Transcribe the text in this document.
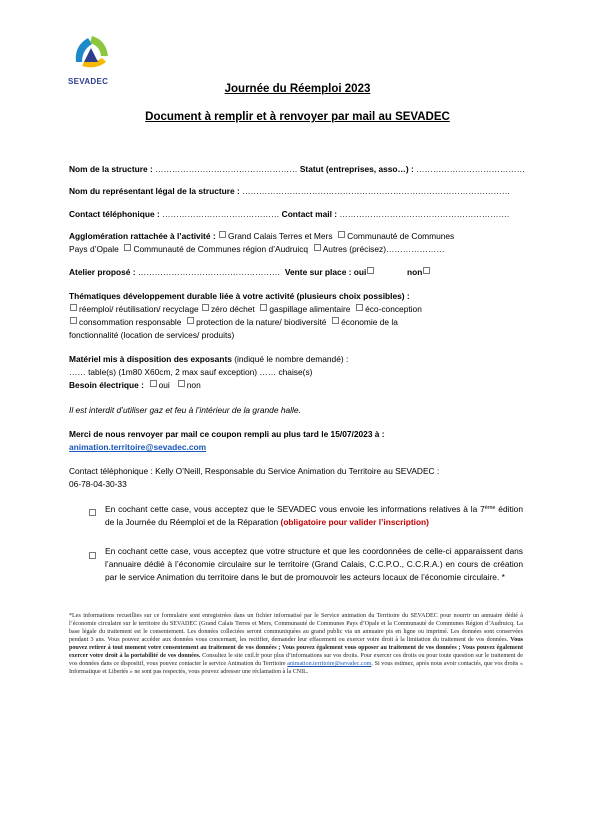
SEVADEC
Journée du Réemploi 2023
Document à remplir et à renvoyer par mail au SEVADEC
Nom de la structure : …………………………………………… Statut (entreprises, asso…) : …………………………………
Nom du représentant légal de la structure : ……………………………………………………………………………………
Contact téléphonique : …………………………………… Contact mail : …………………………………………………….
Agglomération rattachée à l’activité : Grand Calais Terres et Mers Communauté de Communes
Pays d’Opale Communauté de Communes région d’Audruicq Autres (précisez)…………………
Atelier proposé : …………………………………………… Vente sur place : oui	non
Thématiques développement durable liée à votre activité (plusieurs choix possibles) :
réemploi/ réutilisation/ recyclage zéro déchet gaspillage alimentaire éco-conception
consommation responsable protection de la nature/ biodiversité économie de la
fonctionnalité (location de services/ produits)
Matériel mis à disposition des exposants (indiqué le nombre demandé) :
…… table(s) (1m80 X60cm, 2 max sauf exception) …… chaise(s)
Besoin électrique : oui non
Il est interdit d’utiliser gaz et feu à l’intérieur de la grande halle.
Merci de nous renvoyer par mail ce coupon rempli au plus tard le 15/07/2023 à :
animation.territoire@sevadec.com
Contact téléphonique : Kelly O’Neill, Responsable du Service Animation du Territoire au SEVADEC :
06-78-04-30-33
En cochant cette case, vous acceptez que le SEVADEC vous envoie les informations relatives à la 7ème édition de la Journée du Réemploi et de la Réparation (obligatoire pour valider l’inscription)
En cochant cette case, vous acceptez que votre structure et que les coordonnées de celle-ci apparaissent dans l’annuaire dédié à l’économie circulaire sur le territoire (Grand Calais, C.C.P.O., C.C.R.A.) en cours de création par le service Animation du territoire dans le but de promouvoir les acteurs locaux de l’économie circulaire. *
*Les informations recueillies sur ce formulaire sont enregistrées dans un fichier informatisé par le Service animation du Territoire du SEVADEC pour nourrir un annuaire dédié à l’économie circulaire sur le territoire du SEVADEC (Grand Calais Terres et Mers, Communauté de Communes Pays d’Opale et la Communauté de Communes Région d’Audruicq. La base légale du traitement est le consentement. Les données collectées seront communiquées au grand public via un annuaire pis en ligne ou imprimé. Les données sont conservées pendant 3 ans. Vous pouvez accéder aux données vous concernant, les rectifier, demander leur effacement ou exercer votre droit à la limitation du traitement de vos données. Vous pouvez retirer à tout moment votre consentement au traitement de vos données ; Vous pouvez également vous opposer au traitement de vos données ; Vous pouvez également exercer votre droit à la portabilité de vos données. Consultez le site cnil.fr pour plus d’informations sur vos droits. Pour exercer ces droits ou pour toute question sur le traitement de vos données dans ce dispositif, vous pouvez contacter le service Animation du Territoire animation.territoire@sevadec.com. Si vous estimez, après nous avoir contactés, que vos droits « Informatique et Libertés » ne sont pas respectés, vous pouvez adresser une réclamation à la CNIL.
